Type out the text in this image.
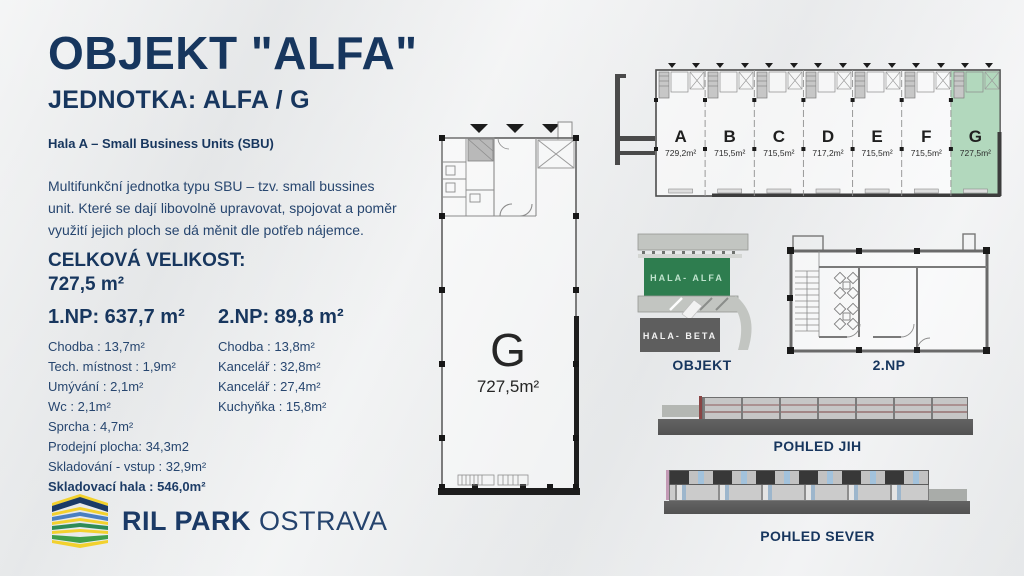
OBJEKT "ALFA"
JEDNOTKA: ALFA / G
Hala A – Small Business Units (SBU)
Multifunkční jednotka typu SBU – tzv. small bussines unit. Které se dají libovolně upravovat, spojovat a poměr využití jejich ploch se dá měnit dle potřeb nájemce.
CELKOVÁ VELIKOST:
727,5 m²
1.NP: 637,7 m²
Chodba : 13,7m²
Tech. místnost : 1,9m²
Umývání : 2,1m²
Wc : 2,1m²
Sprcha : 4,7m²
Prodejní plocha: 34,3m2
Skladování - vstup : 32,9m²
Skladovací hala : 546,0m²
2.NP: 89,8 m²
Chodba : 13,8m²
Kancelář : 32,8m²
Kancelář : 27,4m²
Kuchyňka : 15,8m²
RIL PARK OSTRAVA
G
727,5m²
A
729,2m²
B
715,5m²
C
715,5m²
D
717,2m²
E
715,5m²
F
715,5m²
G
727,5m²
HALA- ALFA
HALA- BETA
OBJEKT	2.NP
POHLED JIH
POHLED SEVER
